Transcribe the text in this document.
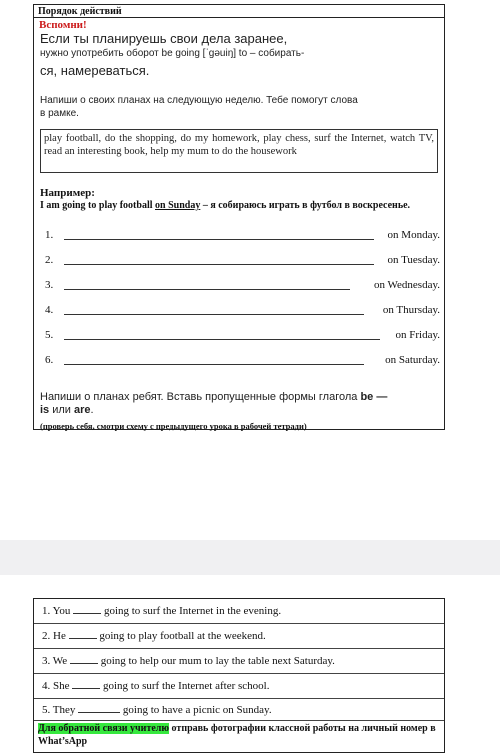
Порядок действий
Вспомни!
Если ты планируешь свои дела заранее,
нужно употребить оборот be going [ˈgəuiŋ] to – собирать-
ся, намереваться.
Напиши о своих планах на следующую неделю. Тебе помогут слова
в рамке.
play football, do the shopping, do my homework, play chess, surf the Internet, watch TV, read an interesting book, help my mum to do the housework
Например:
I am going to play football on Sunday – я собираюсь играть в футбол в воскресенье.
1.	on Monday.
2.	on Tuesday.
3.	on Wednesday.
4.	on Thursday.
5.	on Friday.
6.	on Saturday.
Напиши о планах ребят. Вставь пропущенные формы глагола be —
is или are.
(проверь себя, смотри схему с предыдущего урока в рабочей тетради)
1. You	going to surf the Internet in the evening.
2. He	going to play football at the weekend.
3. We	going to help our mum to lay the table next Saturday.
4. She	going to surf the Internet after school.
5. They	going to have a picnic on Sunday.
Для обратной связи учителю отправь фотографии классной работы на личный номер в What’sApp
